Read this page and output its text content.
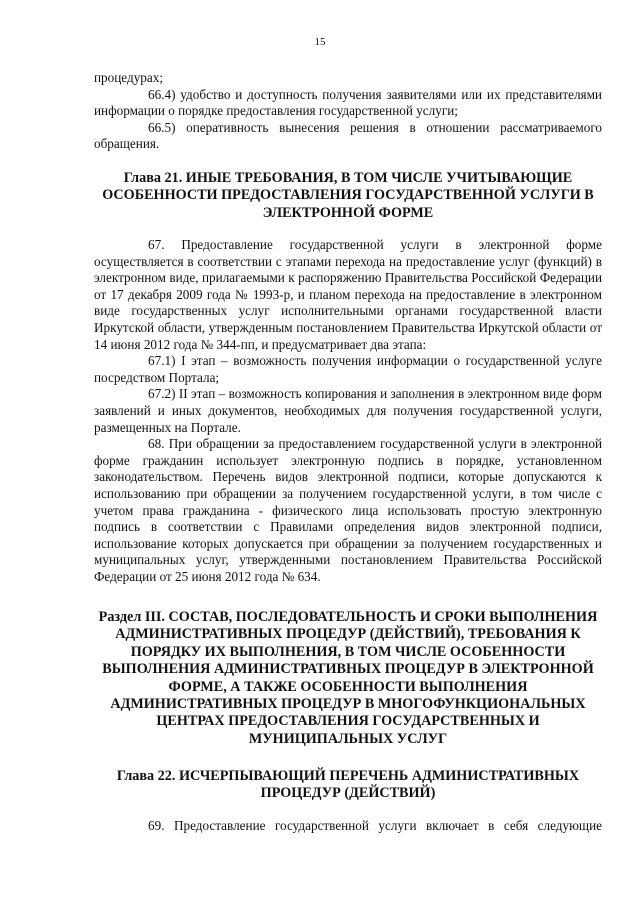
15

процедурах;

66.4) удобство и доступность получения заявителями или их представителями информации о порядке предоставления государственной услуги;

66.5) оперативность вынесения решения в отношении рассматриваемого обращения.

Глава 21. ИНЫЕ ТРЕБОВАНИЯ, В ТОМ ЧИСЛЕ УЧИТЫВАЮЩИЕ
ОСОБЕННОСТИ ПРЕДОСТАВЛЕНИЯ ГОСУДАРСТВЕННОЙ УСЛУГИ В
ЭЛЕКТРОННОЙ ФОРМЕ

67. Предоставление государственной услуги в электронной форме осуществляется в соответствии с этапами перехода на предоставление услуг (функций) в электронном виде, прилагаемыми к распоряжению Правительства Российской Федерации от 17 декабря 2009 года № 1993-р, и планом перехода на предоставление в электронном виде государственных услуг исполнительными органами государственной власти Иркутской области, утвержденным постановлением Правительства Иркутской области от 14 июня 2012 года № 344-пп, и предусматривает два этапа:

67.1) I этап – возможность получения информации о государственной услуге посредством Портала;

67.2) II этап – возможность копирования и заполнения в электронном виде форм заявлений и иных документов, необходимых для получения государственной услуги, размещенных на Портале.

68. При обращении за предоставлением государственной услуги в электронной форме гражданин использует электронную подпись в порядке, установленном законодательством. Перечень видов электронной подписи, которые допускаются к использованию при обращении за получением государственной услуги, в том числе с учетом права гражданина - физического лица использовать простую электронную подпись в соответствии с Правилами определения видов электронной подписи, использование которых допускается при обращении за получением государственных и муниципальных услуг, утвержденными постановлением Правительства Российской Федерации от 25 июня 2012 года № 634.

Раздел III. СОСТАВ, ПОСЛЕДОВАТЕЛЬНОСТЬ И СРОКИ ВЫПОЛНЕНИЯ
АДМИНИСТРАТИВНЫХ ПРОЦЕДУР (ДЕЙСТВИЙ), ТРЕБОВАНИЯ К
ПОРЯДКУ ИХ ВЫПОЛНЕНИЯ, В ТОМ ЧИСЛЕ ОСОБЕННОСТИ
ВЫПОЛНЕНИЯ АДМИНИСТРАТИВНЫХ ПРОЦЕДУР В ЭЛЕКТРОННОЙ
ФОРМЕ, А ТАКЖЕ ОСОБЕННОСТИ ВЫПОЛНЕНИЯ
АДМИНИСТРАТИВНЫХ ПРОЦЕДУР В МНОГОФУНКЦИОНАЛЬНЫХ
ЦЕНТРАХ ПРЕДОСТАВЛЕНИЯ ГОСУДАРСТВЕННЫХ И
МУНИЦИПАЛЬНЫХ УСЛУГ
Глава 22. ИСЧЕРПЫВАЮЩИЙ ПЕРЕЧЕНЬ АДМИНИСТРАТИВНЫХ
ПРОЦЕДУР (ДЕЙСТВИЙ)

69. Предоставление государственной услуги включает в себя следующие
